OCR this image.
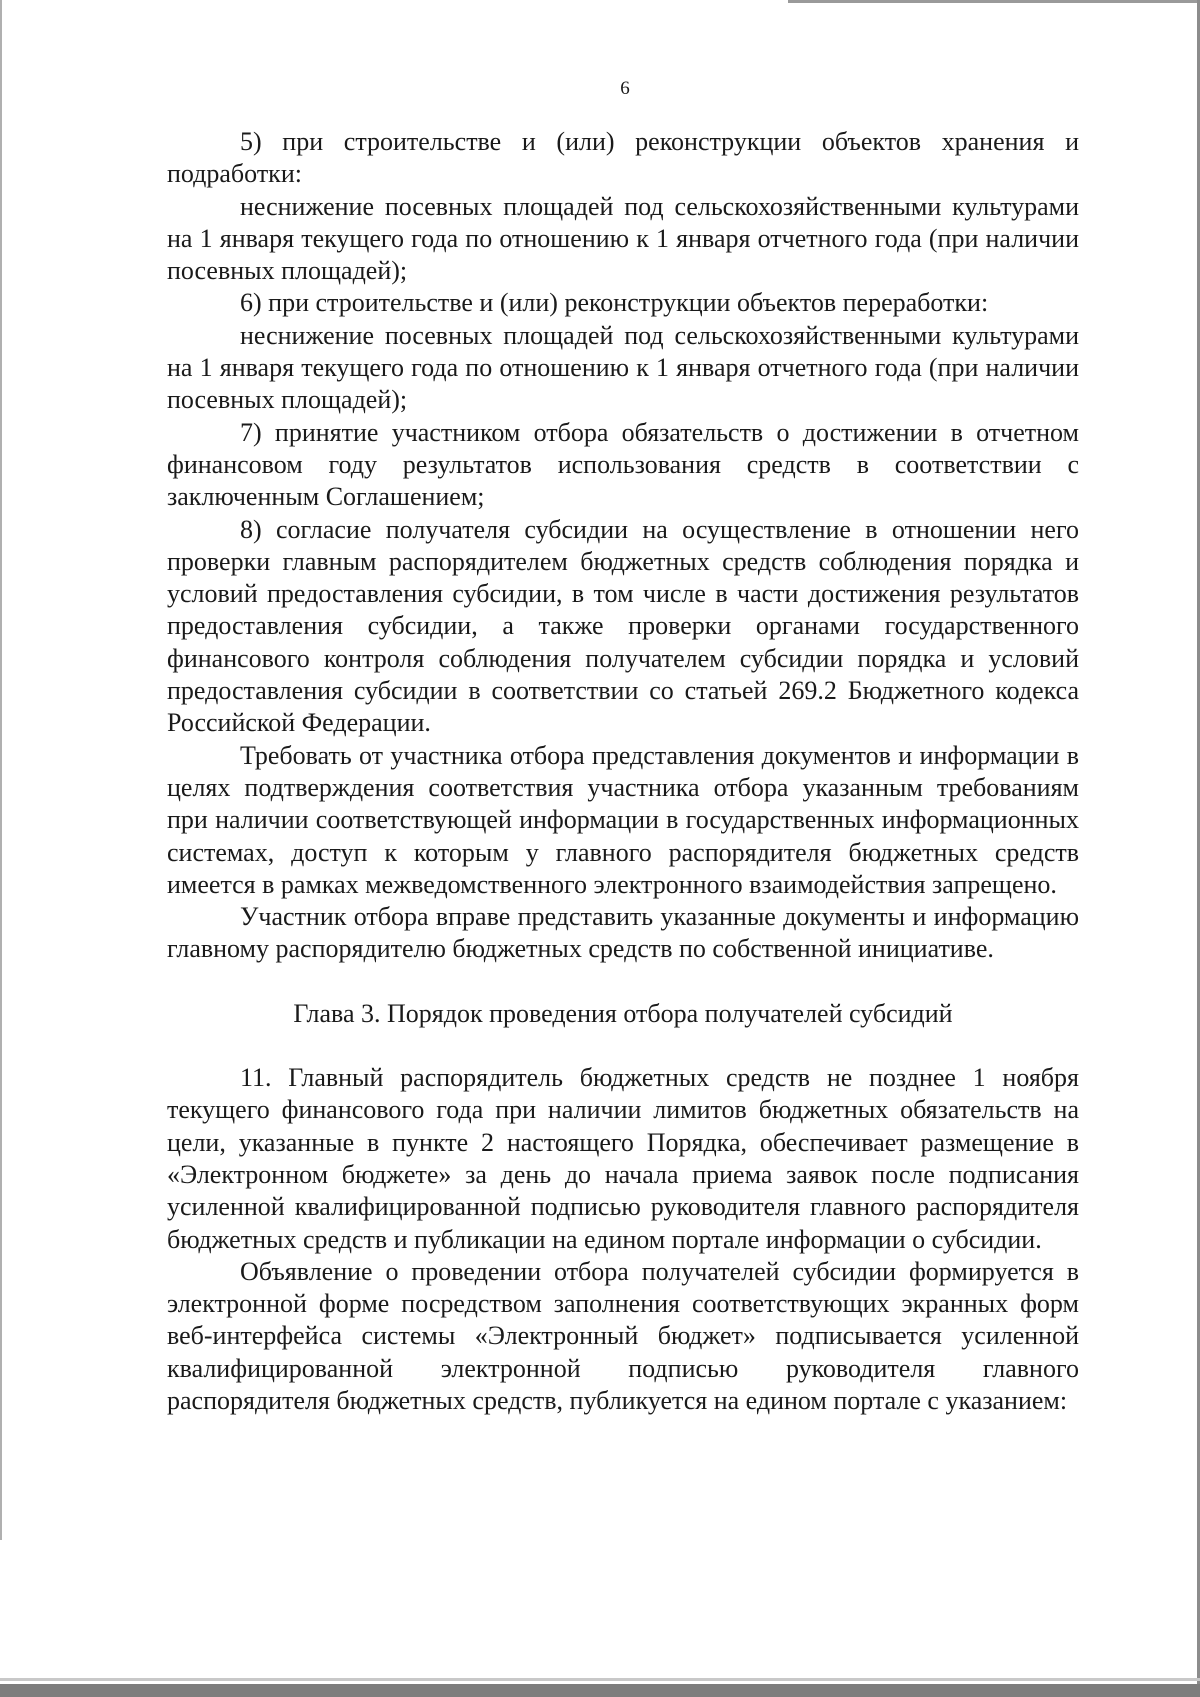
6

5) при строительстве и (или) реконструкции объектов хранения и подработки:

неснижение посевных площадей под сельскохозяйственными культурами на 1 января текущего года по отношению к 1 января отчетного года (при наличии посевных площадей);

6) при строительстве и (или) реконструкции объектов переработки:

неснижение посевных площадей под сельскохозяйственными культурами на 1 января текущего года по отношению к 1 января отчетного года (при наличии посевных площадей);

7) принятие участником отбора обязательств о достижении в отчетном финансовом году результатов использования средств в соответствии с заключенным Соглашением;

8) согласие получателя субсидии на осуществление в отношении него проверки главным распорядителем бюджетных средств соблюдения порядка и условий предоставления субсидии, в том числе в части достижения результатов предоставления субсидии, а также проверки органами государственного финансового контроля соблюдения получателем субсидии порядка и условий предоставления субсидии в соответствии со статьей 269.2 Бюджетного кодекса Российской Федерации.

Требовать от участника отбора представления документов и информации в целях подтверждения соответствия участника отбора указанным требованиям при наличии соответствующей информации в государственных информационных системах, доступ к которым у главного распорядителя бюджетных средств имеется в рамках межведомственного электронного взаимодействия запрещено.

Участник отбора вправе представить указанные документы и информацию главному распорядителю бюджетных средств по собственной инициативе.

Глава 3. Порядок проведения отбора получателей субсидий

11. Главный распорядитель бюджетных средств не позднее 1 ноября текущего финансового года при наличии лимитов бюджетных обязательств на цели, указанные в пункте 2 настоящего Порядка, обеспечивает размещение в «Электронном бюджете» за день до начала приема заявок после подписания усиленной квалифицированной подписью руководителя главного распорядителя бюджетных средств и публикации на едином портале информации о субсидии.

Объявление о проведении отбора получателей субсидии формируется в электронной форме посредством заполнения соответствующих экранных форм веб-интерфейса системы «Электронный бюджет» подписывается усиленной квалифицированной электронной подписью руководителя главного распорядителя бюджетных средств, публикуется на едином портале с указанием:
